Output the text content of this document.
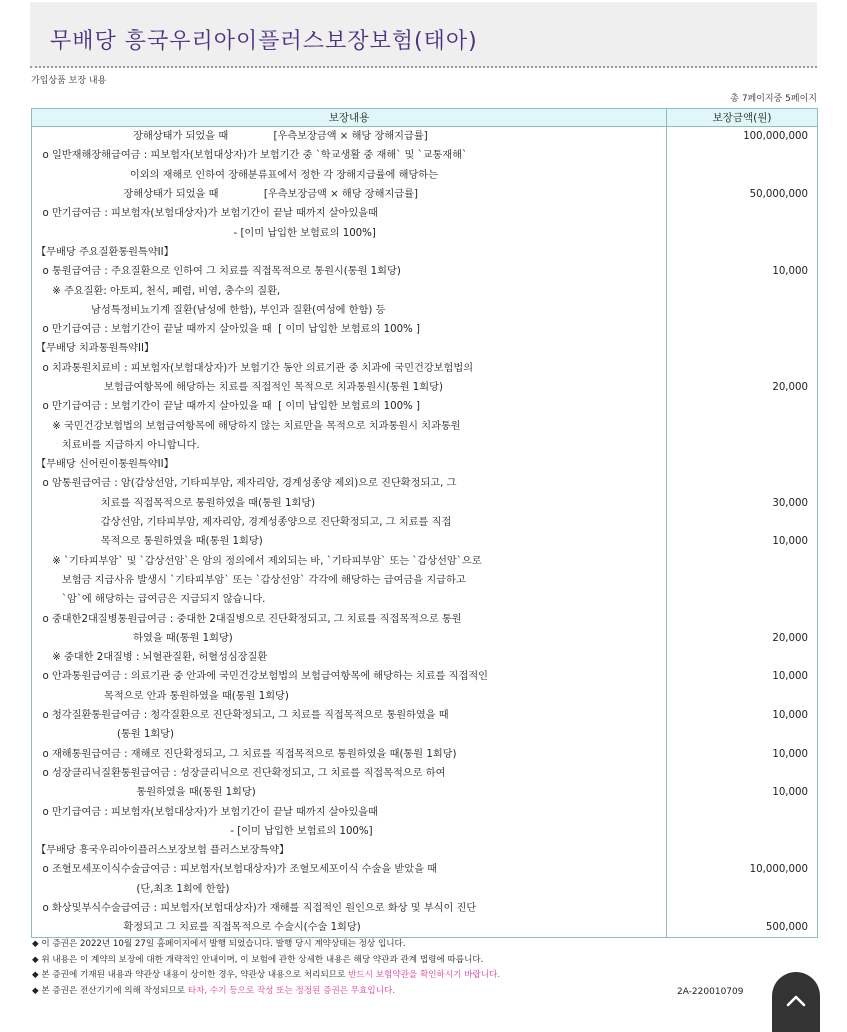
무배당 흥국우리아이플러스보장보험(태아)
가입상품 보장 내용
총 7페이지중 5페이지
보장내용	보장금액(원)
장해상태가 되었을 때              [우측보장금액 × 해당 장해지급률]	100,000,000
o 일반재해장해급여금 : 피보험자(보험대상자)가 보험기간 중 `학교생활 중 재해` 및 `교통재해`	
이외의 재해로 인하여 장해분류표에서 정한 각 장해지급률에 해당하는	
장해상태가 되었을 때              [우측보장금액 × 해당 장해지급률]	50,000,000
o 만기급여금 : 피보험자(보험대상자)가 보험기간이 끝날 때까지 살아있을때	
- [이미 납입한 보험료의 100%]	
【무배당 주요질환통원특약II】	
o 통원급여금 : 주요질환으로 인하여 그 치료를 직접목적으로 통원시(통원 1회당)	10,000
※ 주요질환: 아토피, 천식, 폐렴, 비염, 충수의 질환,	
남성특정비뇨기계 질환(남성에 한함), 부인과 질환(여성에 한함) 등	
o 만기급여금 : 보험기간이 끝날 때까지 살아있을 때  [ 이미 납입한 보험료의 100% ]	
【무배당 치과통원특약II】	
o 치과통원치료비 : 피보험자(보험대상자)가 보험기간 동안 의료기관 중 치과에 국민건강보험법의	
보험급여항목에 해당하는 치료를 직접적인 목적으로 치과통원시(통원 1회당)	20,000
o 만기급여금 : 보험기간이 끝날 때까지 살아있을 때  [ 이미 납입한 보험료의 100% ]	
※ 국민건강보험법의 보험급여항목에 해당하지 않는 치료만을 목적으로 치과통원시 치과통원	
치료비를 지급하지 아니합니다.	
【무배당 신어린이통원특약II】	
o 암통원급여금 : 암(갑상선암, 기타피부암, 제자리암, 경계성종양 제외)으로 진단확정되고, 그	
치료를 직접목적으로 통원하였을 때(통원 1회당)	30,000
갑상선암, 기타피부암, 제자리암, 경계성종양으로 진단확정되고, 그 치료를 직접	
목적으로 통원하였을 때(통원 1회당)	10,000
※ `기타피부암` 및 `갑상선암`은 암의 정의에서 제외되는 바, `기타피부암` 또는 `갑상선암`으로	
보험금 지급사유 발생시 `기타피부암` 또는 `갑상선암` 각각에 해당하는 급여금을 지급하고	
`암`에 해당하는 급여금은 지급되지 않습니다.	
o 중대한2대질병통원급여금 : 중대한 2대질병으로 진단확정되고, 그 치료를 직접목적으로 통원	
하였을 때(통원 1회당)	20,000
※ 중대한 2대질병 : 뇌혈관질환, 허혈성심장질환	
o 안과통원급여금 : 의료기관 중 안과에 국민건강보험법의 보험급여항목에 해당하는 치료를 직접적인	10,000
목적으로 안과 통원하였을 때(통원 1회당)	
o 청각질환통원급여금 : 청각질환으로 진단확정되고, 그 치료를 직접목적으로 통원하였을 때	10,000
(통원 1회당)	
o 재해통원급여금 : 재해로 진단확정되고, 그 치료를 직접목적으로 통원하였을 때(통원 1회당)	10,000
o 성장클리닉질환통원급여금 : 성장클리닉으로 진단확정되고, 그 치료를 직접목적으로 하여	
통원하였을 때(통원 1회당)	10,000
o 만기급여금 : 피보험자(보험대상자)가 보험기간이 끝날 때까지 살아있을때	
- [이미 납입한 보험료의 100%]	
【무배당 흥국우리아이플러스보장보험 플러스보장특약】	
o 조혈모세포이식수술급여금 : 피보험자(보험대상자)가 조혈모세포이식 수술을 받았을 때	10,000,000
(단,최초 1회에 한함)	
o 화상및부식수술급여금 : 피보험자(보험대상자)가 재해를 직접적인 원인으로 화상 및 부식이 진단	
확정되고 그 치료를 직접목적으로 수술시(수술 1회당)	500,000
◆ 이 증권은 2022년 10월 27일 홈페이지에서 발행 되었습니다. 발행 당시 계약상태는 정상 입니다.
◆ 위 내용은 이 계약의 보장에 대한 개략적인 안내이며, 이 보험에 관한 상세한 내용은 해당 약관과 관계 법령에 따릅니다.
◆ 본 증권에 기재된 내용과 약관상 내용이 상이한 경우, 약관상 내용으로 처리되므로 반드시 보험약관을 확인하시기 바랍니다.
◆ 본 증권은 전산기기에 의해 작성되므로 타자, 수기 등으로 작성 또는 정정된 증권은 무효입니다.	2A-220010709
